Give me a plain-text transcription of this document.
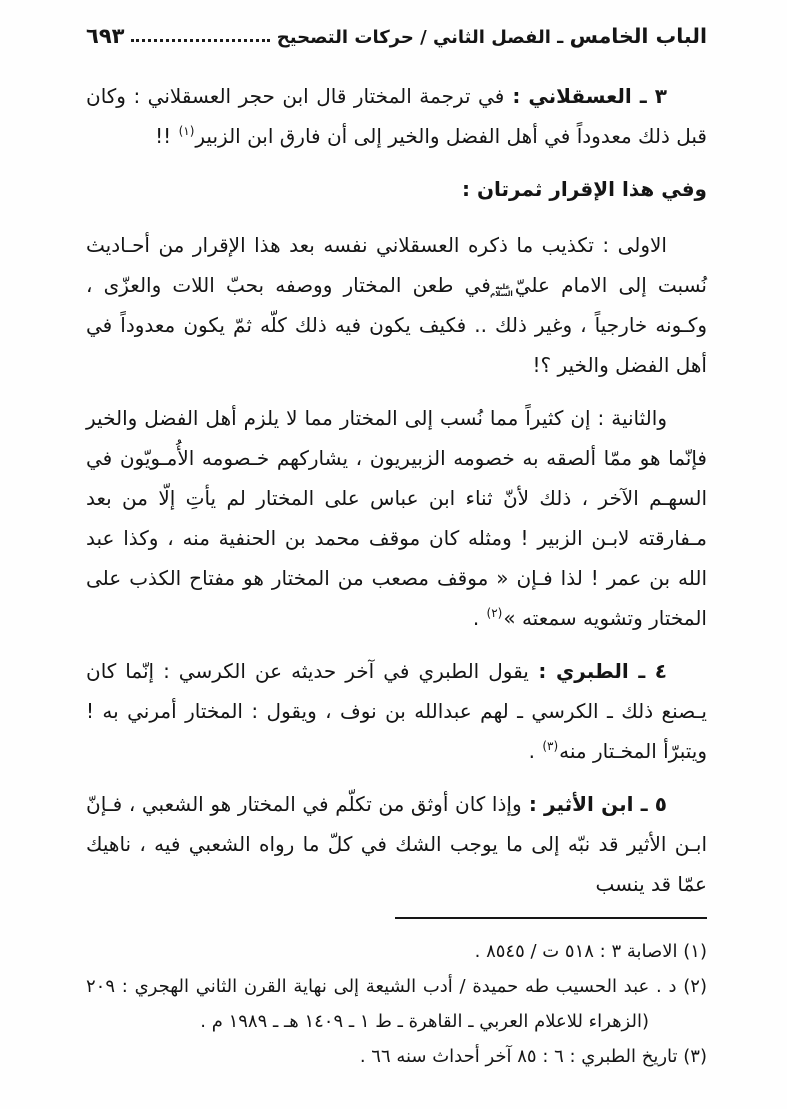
الباب الخامس ـ الفصل الثاني / حركات التصحيح
٦٩٣

٣ ـ العسقلاني : في ترجمة المختار قال ابن حجر العسقلاني : وكان قبل ذلك معدوداً في أهل الفضل والخير إلى أن فارق ابن الزبير$^{(١)}$ !!

وفي هذا الإقرار ثمرتان :

الاولى : تكذيب ما ذكره العسقلاني نفسه بعد هذا الإقرار من أحـاديث نُسبت إلى الامام عليّعليه السلامفي طعن المختار ووصفه بحبّ اللات والعزّى ، وكـونه خارجياً ، وغير ذلك .. فكيف يكون فيه ذلك كلّه ثمّ يكون معدوداً في أهل الفضل والخير ؟!

والثانية : إن كثيراً مما نُسب إلى المختار مما لا يلزم أهل الفضل والخير فإنّما هو ممّا ألصقه به خصومه الزبيريون ، يشاركهم خـصومه الأُمـويّون في السهـم الآخر ، ذلك لأنّ ثناء ابن عباس على المختار لم يأتِ إلّا من بعد مـفارقته لابـن الزبير ! ومثله كان موقف محمد بن الحنفية منه ، وكذا عبد الله بن عمر ! لذا فـإن « موقف مصعب من المختار هو مفتاح الكذب على المختار وتشويه سمعته »$^{(٢)}$ .

٤ ـ الطبري : يقول الطبري في آخر حديثه عن الكرسي : إنّما كان يـصنع ذلك ـ الكرسي ـ لهم عبدالله بن نوف ، ويقول : المختار أمرني به ! ويتبرّأ المخـتار منه$^{(٣)}$ .

٥ ـ ابن الأثير : وإذا كان أوثق من تكلّم في المختار هو الشعبي ، فـإنّ ابـن الأثير قد نبّه إلى ما يوجب الشك في كلّ ما رواه الشعبي فيه ، ناهيك عمّا قد ينسب

(١) الاصابة ٣ : ٥١٨ ت / ٨٥٤٥ .

(٢) د . عبد الحسيب طه حميدة / أدب الشيعة إلى نهاية القرن الثاني الهجري : ٢٠٩ (الزهراء للاعلام العربي ـ القاهرة ـ ط ١ ـ ١٤٠٩ هـ ـ ١٩٨٩ م .

(٣) تاريخ الطبري : ٦ : ٨٥ آخر أحداث سنه ٦٦ .
